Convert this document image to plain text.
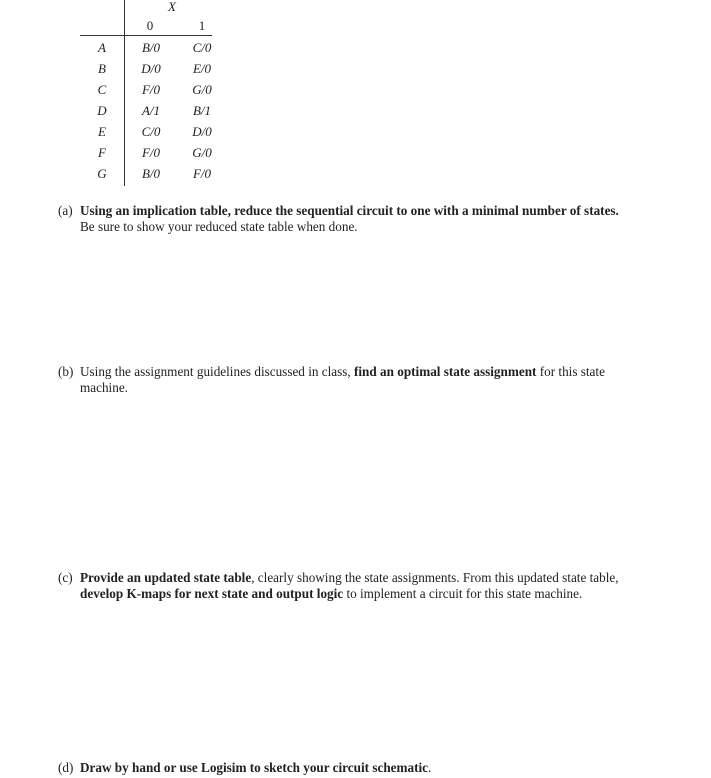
X
0	1
A	B/0	C/0
B	D/0	E/0
C	F/0	G/0
D	A/1	B/1
E	C/0	D/0
F	F/0	G/0
G	B/0	F/0
(a) Using an implication table, reduce the sequential circuit to one with a minimal number of states.
Be sure to show your reduced state table when done.
(b) Using the assignment guidelines discussed in class, find an optimal state assignment for this state
machine.
(c) Provide an updated state table, clearly showing the state assignments. From this updated state table,
develop K-maps for next state and output logic to implement a circuit for this state machine.
(d) Draw by hand or use Logisim to sketch your circuit schematic.
